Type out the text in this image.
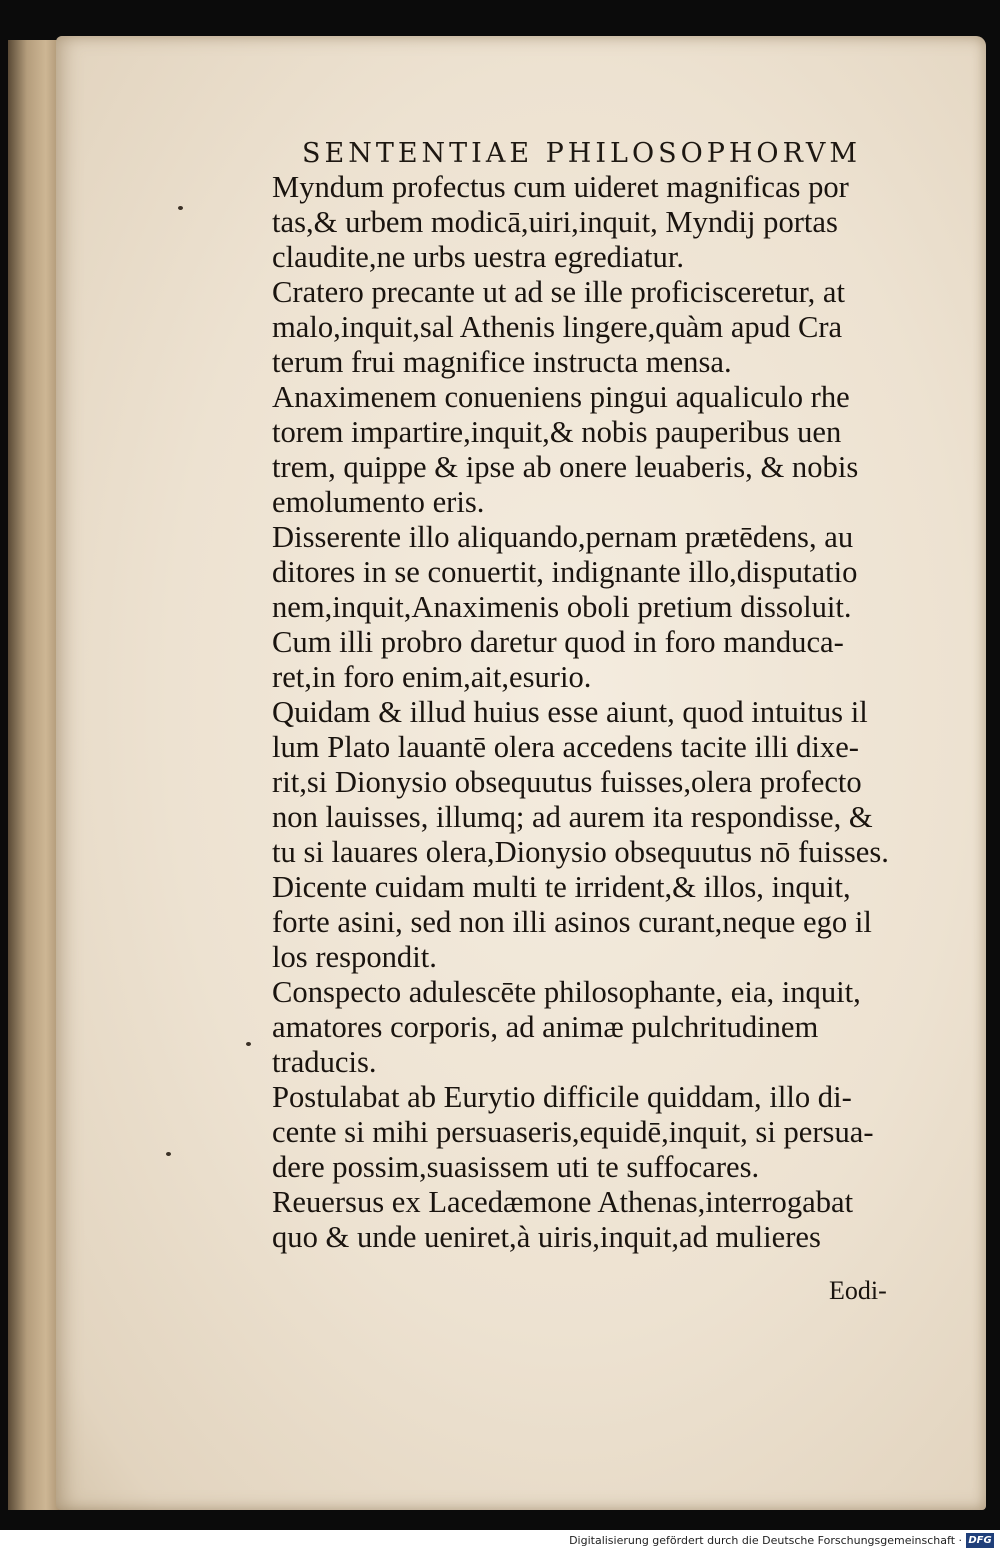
SENTENTIAE PHILOSOPHORVM
Myndum profectus cum uideret magnificas por
tas,& urbem modicā,uiri,inquit, Myndij portas
claudite,ne urbs uestra egrediatur.
Cratero precante ut ad se ille proficisceretur, at
malo,inquit,sal Athenis lingere,quàm apud Cra
terum frui magnifice instructa mensa.
Anaximenem conueniens pingui aqualiculo rhe
torem impartire,inquit,& nobis pauperibus uen
trem, quippe & ipse ab onere leuaberis, & nobis
emolumento eris.
Disserente illo aliquando,pernam prætēdens, au
ditores in se conuertit, indignante illo,disputatio
nem,inquit,Anaximenis oboli pretium dissoluit.
Cum illi probro daretur quod in foro manduca-
ret,in foro enim,ait,esurio.
Quidam & illud huius esse aiunt, quod intuitus il
lum Plato lauantē olera accedens tacite illi dixe-
rit,si Dionysio obsequutus fuisses,olera profecto
non lauisses, illumq; ad aurem ita respondisse, &
tu si lauares olera,Dionysio obsequutus nō fuisses.
Dicente cuidam multi te irrident,& illos, inquit,
forte asini, sed non illi asinos curant,neque ego il
los respondit.
Conspecto adulescēte philosophante, eia, inquit,
amatores corporis, ad animæ pulchritudinem
traducis.
Postulabat ab Eurytio difficile quiddam, illo di-
cente si mihi persuaseris,equidē,inquit, si persua-
dere possim,suasissem uti te suffocares.
Reuersus ex Lacedæmone Athenas,interrogabat
quo & unde ueniret,à uiris,inquit,ad mulieres
Eodi-
Digitalisierung gefördert durch die Deutsche Forschungsgemeinschaft · DFG
